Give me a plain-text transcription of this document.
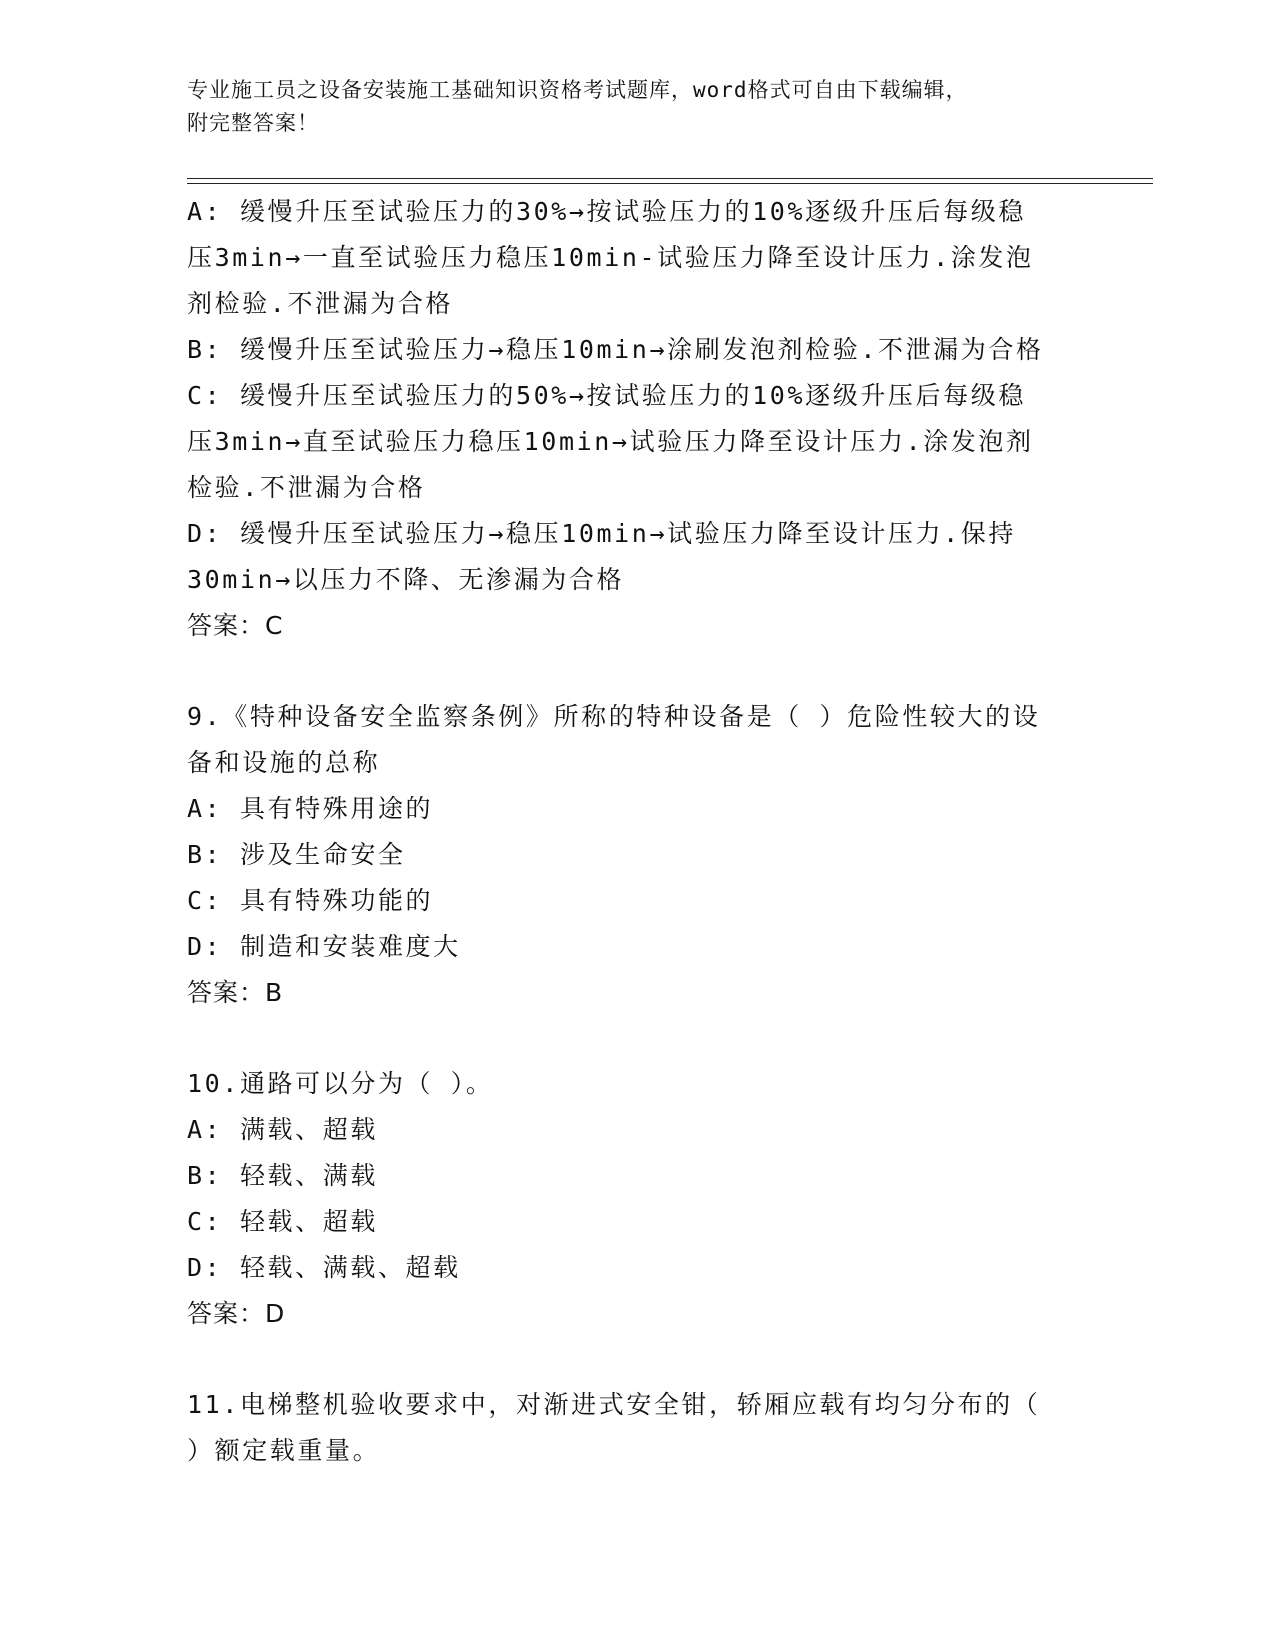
专业施工员之设备安装施工基础知识资格考试题库，word格式可自由下载编辑，
附完整答案！
A: 缓慢升压至试验压力的30%→按试验压力的10%逐级升压后每级稳
压3min→一直至试验压力稳压10min-试验压力降至设计压力.涂发泡
剂检验.不泄漏为合格
B: 缓慢升压至试验压力→稳压10min→涂刷发泡剂检验.不泄漏为合格
C: 缓慢升压至试验压力的50%→按试验压力的10%逐级升压后每级稳
压3min→直至试验压力稳压10min→试验压力降至设计压力.涂发泡剂
检验.不泄漏为合格
D: 缓慢升压至试验压力→稳压10min→试验压力降至设计压力.保持
30min→以压力不降、无渗漏为合格
答案：C
9.《特种设备安全监察条例》所称的特种设备是（ ）危险性较大的设
备和设施的总称
A: 具有特殊用途的
B: 涉及生命安全
C: 具有特殊功能的
D: 制造和安装难度大
答案：B
10.通路可以分为（ ）。
A: 满载、超载
B: 轻载、满载
C: 轻载、超载
D: 轻载、满载、超载
答案：D
11.电梯整机验收要求中，对渐进式安全钳，轿厢应载有均匀分布的（
）额定载重量。
